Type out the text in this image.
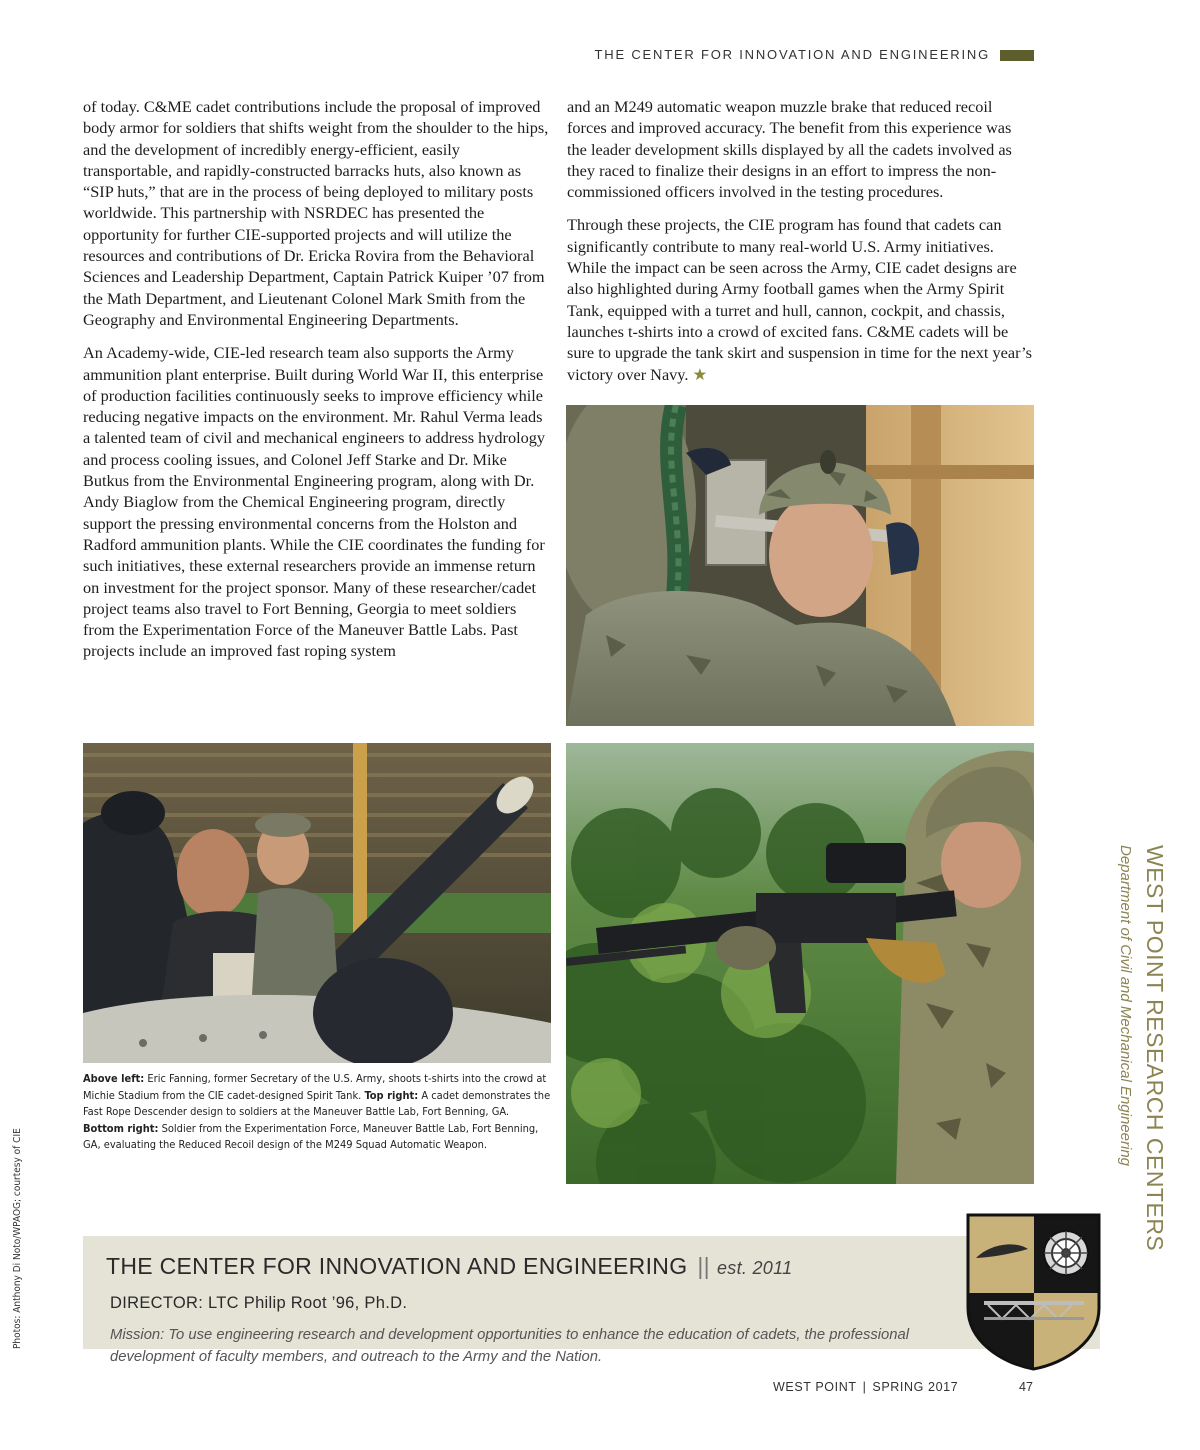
THE CENTER FOR INNOVATION AND ENGINEERING

of today. C&ME cadet contributions include the proposal of improved body armor for soldiers that shifts weight from the shoulder to the hips, and the development of incredibly energy-efficient, easily transportable, and rapidly-constructed barracks huts, also known as “SIP huts,” that are in the process of being deployed to military posts worldwide. This partnership with NSRDEC has presented the opportunity for further CIE-supported projects and will utilize the resources and contributions of Dr. Ericka Rovira from the Behavioral Sciences and Leadership Department, Captain Patrick Kuiper ’07 from the Math Department, and Lieutenant Colonel Mark Smith from the Geography and Environmental Engineering Departments.

An Academy-wide, CIE-led research team also supports the Army ammunition plant enterprise. Built during World War II, this enterprise of production facilities continuously seeks to improve efficiency while reducing negative impacts on the environment. Mr. Rahul Verma leads a talented team of civil and mechanical engineers to address hydrology and process cooling issues, and Colonel Jeff Starke and Dr. Mike Butkus from the Environmental Engineering program, along with Dr. Andy Biaglow from the Chemical Engineering program, directly support the pressing environmental concerns from the Holston and Radford ammunition plants. While the CIE coordinates the funding for such initiatives, these external researchers provide an immense return on investment for the project sponsor. Many of these researcher/cadet project teams also travel to Fort Benning, Georgia to meet soldiers from the Experimentation Force of the Maneuver Battle Labs. Past projects include an improved fast roping system

and an M249 automatic weapon muzzle brake that reduced recoil forces and improved accuracy. The benefit from this experience was the leader development skills displayed by all the cadets involved as they raced to finalize their designs in an effort to impress the non-commissioned officers involved in the testing procedures.

Through these projects, the CIE program has found that cadets can significantly contribute to many real-world U.S. Army initiatives. While the impact can be seen across the Army, CIE cadet designs are also highlighted during Army football games when the Army Spirit Tank, equipped with a turret and hull, cannon, cockpit, and chassis, launches t-shirts into a crowd of excited fans. C&ME cadets will be sure to upgrade the tank skirt and suspension in time for the next year’s victory over Navy. ★

Above left: Eric Fanning, former Secretary of the U.S. Army, shoots t-shirts into the crowd at Michie Stadium from the CIE cadet-designed Spirit Tank. Top right: A cadet demonstrates the Fast Rope Descender design to soldiers at the Maneuver Battle Lab, Fort Benning, GA. Bottom right: Soldier from the Experimentation Force, Maneuver Battle Lab, Fort Benning, GA, evaluating the Reduced Recoil design of the M249 Squad Automatic Weapon.	WEST POINT RESEARCH CENTERS
Department of Civil and Mechanical Engineering
Photos: Anthony Di Noto/WPAOG; courtesy of CIE	THE CENTER FOR INNOVATION AND ENGINEERING || est. 2011
DIRECTOR: LTC Philip Root ’96, Ph.D.
Mission: To use engineering research and development opportunities to enhance the education of cadets, the professional development of faculty members, and outreach to the Army and the Nation.
WEST POINT | SPRING 2017	47
